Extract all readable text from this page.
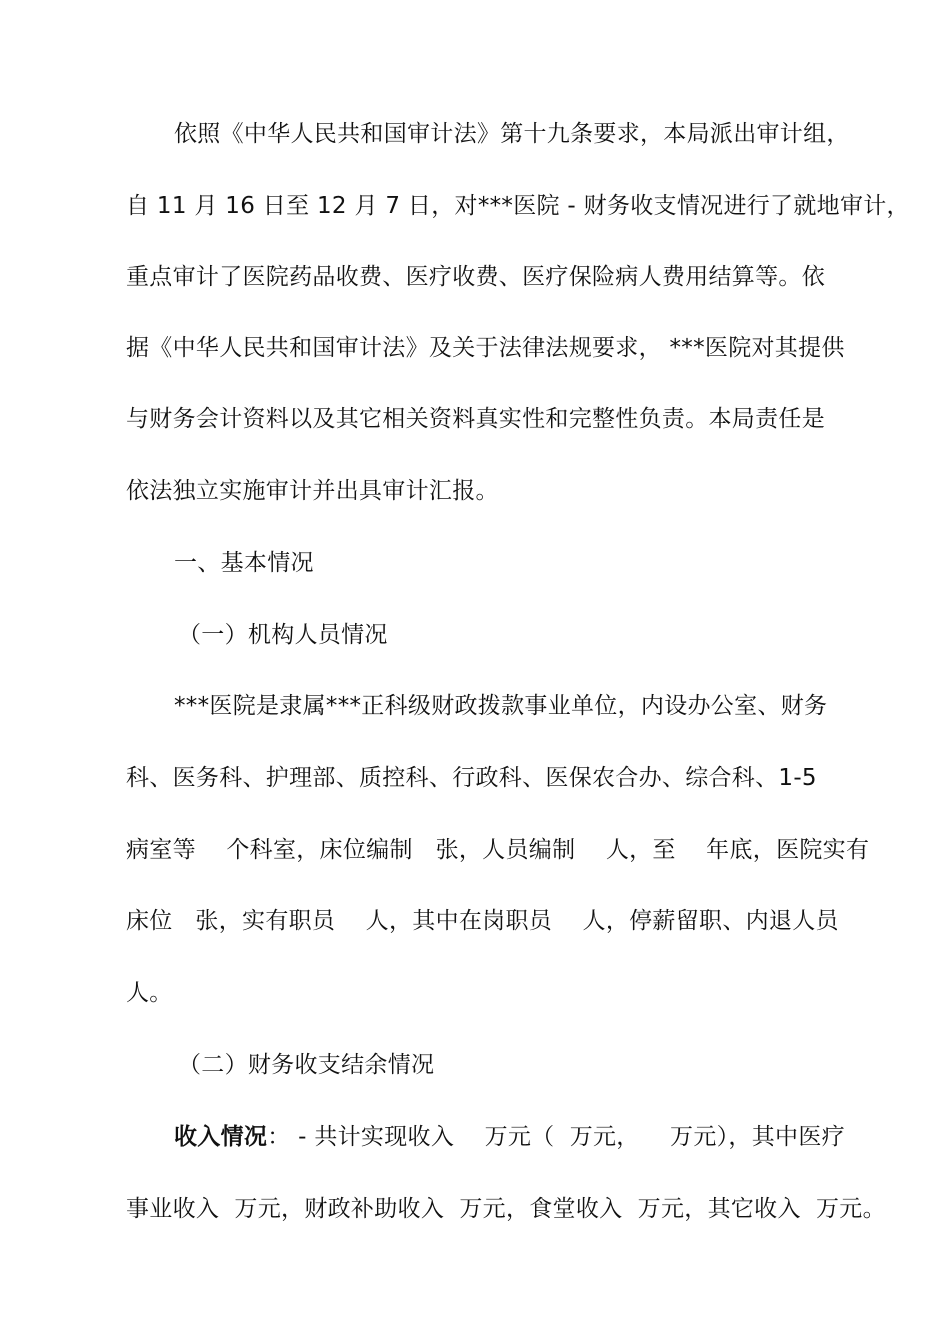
依照《中华人民共和国审计法》第十九条要求，本局派出审计组，
自 11 月 16 日至 12 月 7 日，对***医院 - 财务收支情况进行了就地审计，
重点审计了医院药品收费、医疗收费、医疗保险病人费用结算等。依
据《中华人民共和国审计法》及关于法律法规要求， ***医院对其提供
与财务会计资料以及其它相关资料真实性和完整性负责。本局责任是
依法独立实施审计并出具审计汇报。
一、基本情况
（一）机构人员情况
***医院是隶属***正科级财政拨款事业单位，内设办公室、财务
科、医务科、护理部、质控科、行政科、医保农合办、综合科、1-5
病室等    个科室，床位编制   张，人员编制    人，至    年底，医院实有
床位   张，实有职员    人，其中在岗职员    人，停薪留职、内退人员
人。
（二）财务收支结余情况
收入情况： - 共计实现收入    万元（  万元，    万元），其中医疗
事业收入  万元，财政补助收入  万元，食堂收入  万元，其它收入  万元。
